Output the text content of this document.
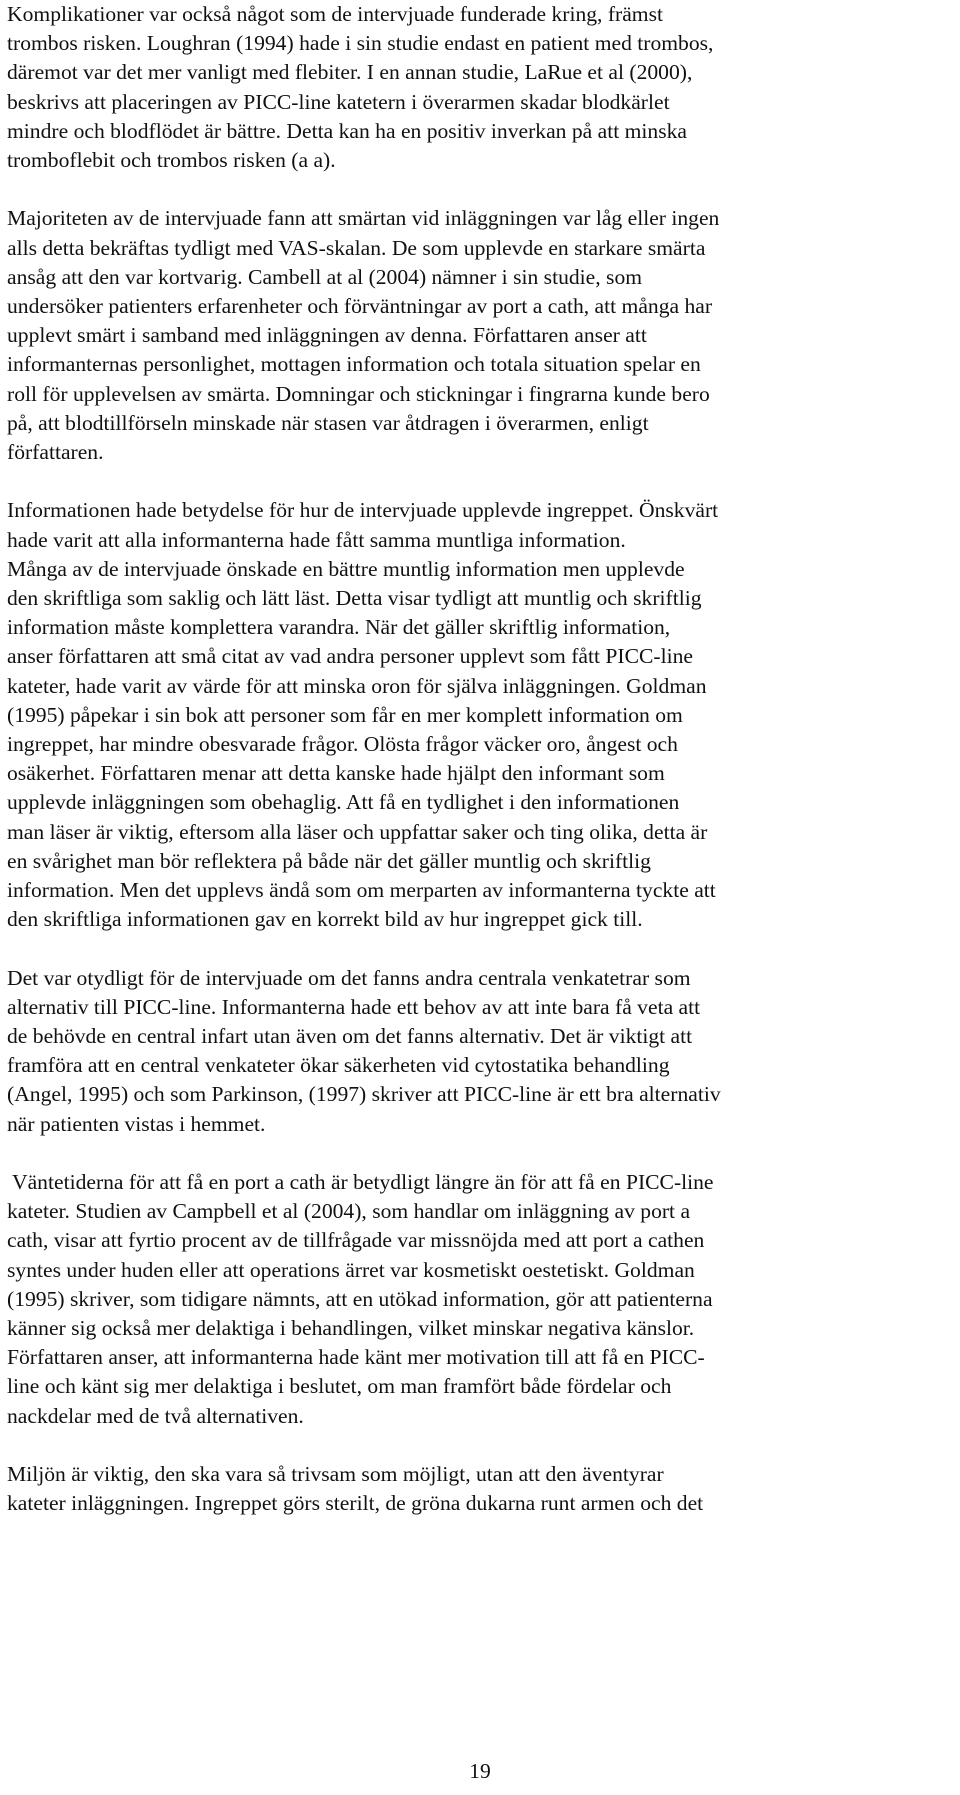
Komplikationer var också något som de intervjuade funderade kring, främst
trombos risken. Loughran (1994) hade i sin studie endast en patient med trombos,
däremot var det mer vanligt med flebiter. I en annan studie, LaRue et al (2000),
beskrivs att placeringen av PICC-line katetern i överarmen skadar blodkärlet
mindre och blodflödet är bättre. Detta kan ha en positiv inverkan på att minska
tromboflebit och trombos risken (a a).

Majoriteten av de intervjuade fann att smärtan vid inläggningen var låg eller ingen
alls detta bekräftas tydligt med VAS-skalan. De som upplevde en starkare smärta
ansåg att den var kortvarig. Cambell at al (2004) nämner i sin studie, som
undersöker patienters erfarenheter och förväntningar av port a cath, att många har
upplevt smärt i samband med inläggningen av denna. Författaren anser att
informanternas personlighet, mottagen information och totala situation spelar en
roll för upplevelsen av smärta. Domningar och stickningar i fingrarna kunde bero
på, att blodtillförseln minskade när stasen var åtdragen i överarmen, enligt
författaren.

Informationen hade betydelse för hur de intervjuade upplevde ingreppet. Önskvärt
hade varit att alla informanterna hade fått samma muntliga information.
Många av de intervjuade önskade en bättre muntlig information men upplevde
den skriftliga som saklig och lätt läst. Detta visar tydligt att muntlig och skriftlig
information måste komplettera varandra. När det gäller skriftlig information,
anser författaren att små citat av vad andra personer upplevt som fått PICC-line
kateter, hade varit av värde för att minska oron för själva inläggningen. Goldman
(1995) påpekar i sin bok att personer som får en mer komplett information om
ingreppet, har mindre obesvarade frågor. Olösta frågor väcker oro, ångest och
osäkerhet. Författaren menar att detta kanske hade hjälpt den informant som
upplevde inläggningen som obehaglig. Att få en tydlighet i den informationen
man läser är viktig, eftersom alla läser och uppfattar saker och ting olika, detta är
en svårighet man bör reflektera på både när det gäller muntlig och skriftlig
information. Men det upplevs ändå som om merparten av informanterna tyckte att
den skriftliga informationen gav en korrekt bild av hur ingreppet gick till.

Det var otydligt för de intervjuade om det fanns andra centrala venkatetrar som
alternativ till PICC-line. Informanterna hade ett behov av att inte bara få veta att
de behövde en central infart utan även om det fanns alternativ. Det är viktigt att
framföra att en central venkateter ökar säkerheten vid cytostatika behandling
(Angel, 1995) och som Parkinson, (1997) skriver att PICC-line är ett bra alternativ
när patienten vistas i hemmet.

Väntetiderna för att få en port a cath är betydligt längre än för att få en PICC-line
kateter. Studien av Campbell et al (2004), som handlar om inläggning av port a
cath, visar att fyrtio procent av de tillfrågade var missnöjda med att port a cathen
syntes under huden eller att operations ärret var kosmetiskt oestetiskt. Goldman
(1995) skriver, som tidigare nämnts, att en utökad information, gör att patienterna
känner sig också mer delaktiga i behandlingen, vilket minskar negativa känslor.
Författaren anser, att informanterna hade känt mer motivation till att få en PICC-
line och känt sig mer delaktiga i beslutet, om man framfört både fördelar och
nackdelar med de två alternativen.

Miljön är viktig, den ska vara så trivsam som möjligt, utan att den äventyrar
kateter inläggningen. Ingreppet görs sterilt, de gröna dukarna runt armen och det

19
